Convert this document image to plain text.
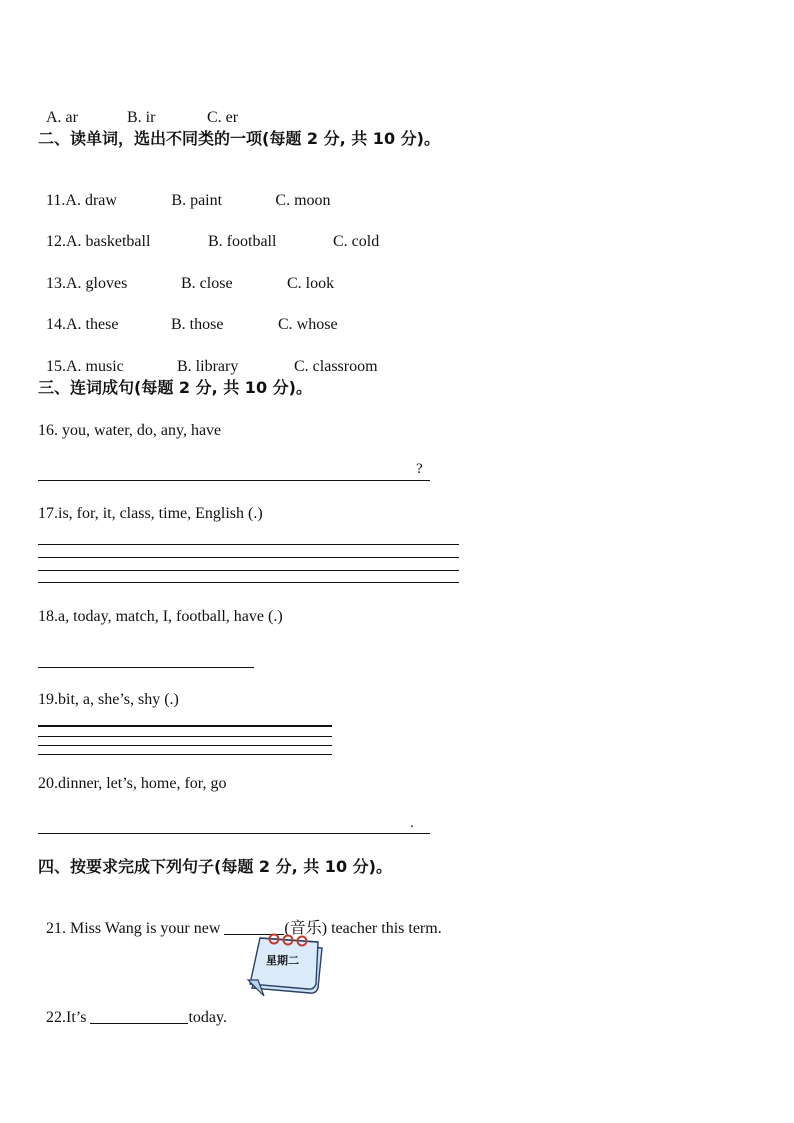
A. ar	B. ir	C. er

二、读单词，选出不同类的一项(每题 2 分, 共 10 分)。

11.A. draw	B. paint	C. moon

12.A. basketball	B. football	C. cold

13.A. gloves	B. close	C. look

14.A. these	B. those	C. whose

15.A. music	B. library	C. classroom

三、连词成句(每题 2 分, 共 10 分)。
16. you, water, do, any, have
?
17.is, for, it, class, time, English (.)
18.a, today, match, I, football, have (.)
19.bit, a, she’s, shy (.)
20.dinner, let’s, home, for, go
.
四、按要求完成下列句子(每题 2 分, 共 10 分)。

21. Miss Wang is your new	(音乐) teacher this term.

22.It’s	today.

星期二
